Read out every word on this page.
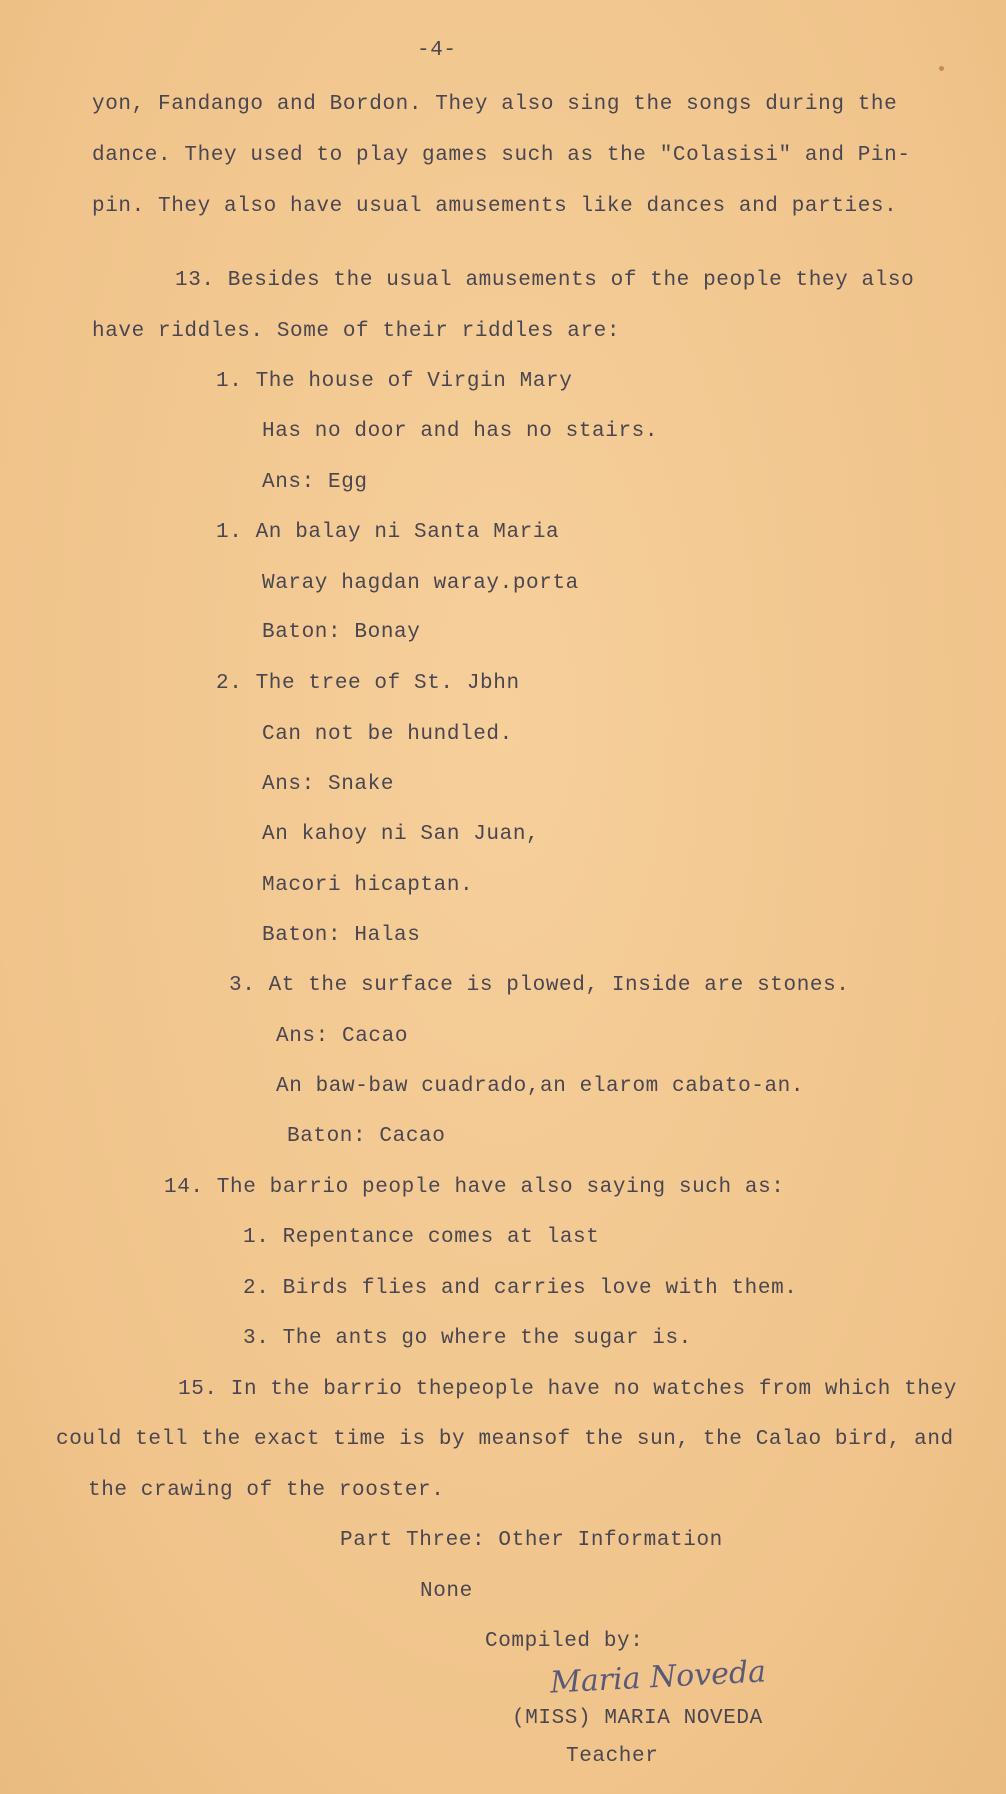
-4-
yon, Fandango and Bordon. They also sing the songs during the
dance. They used to play games such as the "Colasisi" and Pin-
pin. They also have usual amusements like dances and parties.
13. Besides the usual amusements of the people they also
have riddles. Some of their riddles are:
1. The house of Virgin Mary
Has no door and has no stairs.
Ans: Egg
1. An balay ni Santa Maria
Waray hagdan waray.porta
Baton: Bonay
2. The tree of St. Jbhn
Can not be hundled.
Ans: Snake
An kahoy ni San Juan,
Macori hicaptan.
Baton: Halas
3. At the surface is plowed, Inside are stones.
Ans: Cacao
An baw-baw cuadrado,an elarom cabato-an.
Baton: Cacao
14. The barrio people have also saying such as:
1. Repentance comes at last
2. Birds flies and carries love with them.
3. The ants go where the sugar is.
15. In the barrio thepeople have no watches from which they
could tell the exact time is by meansof the sun, the Calao bird, and
the crawing of the rooster.
Part Three: Other Information
None
Compiled by:
Maria Noveda
(MISS) MARIA NOVEDA
Teacher
